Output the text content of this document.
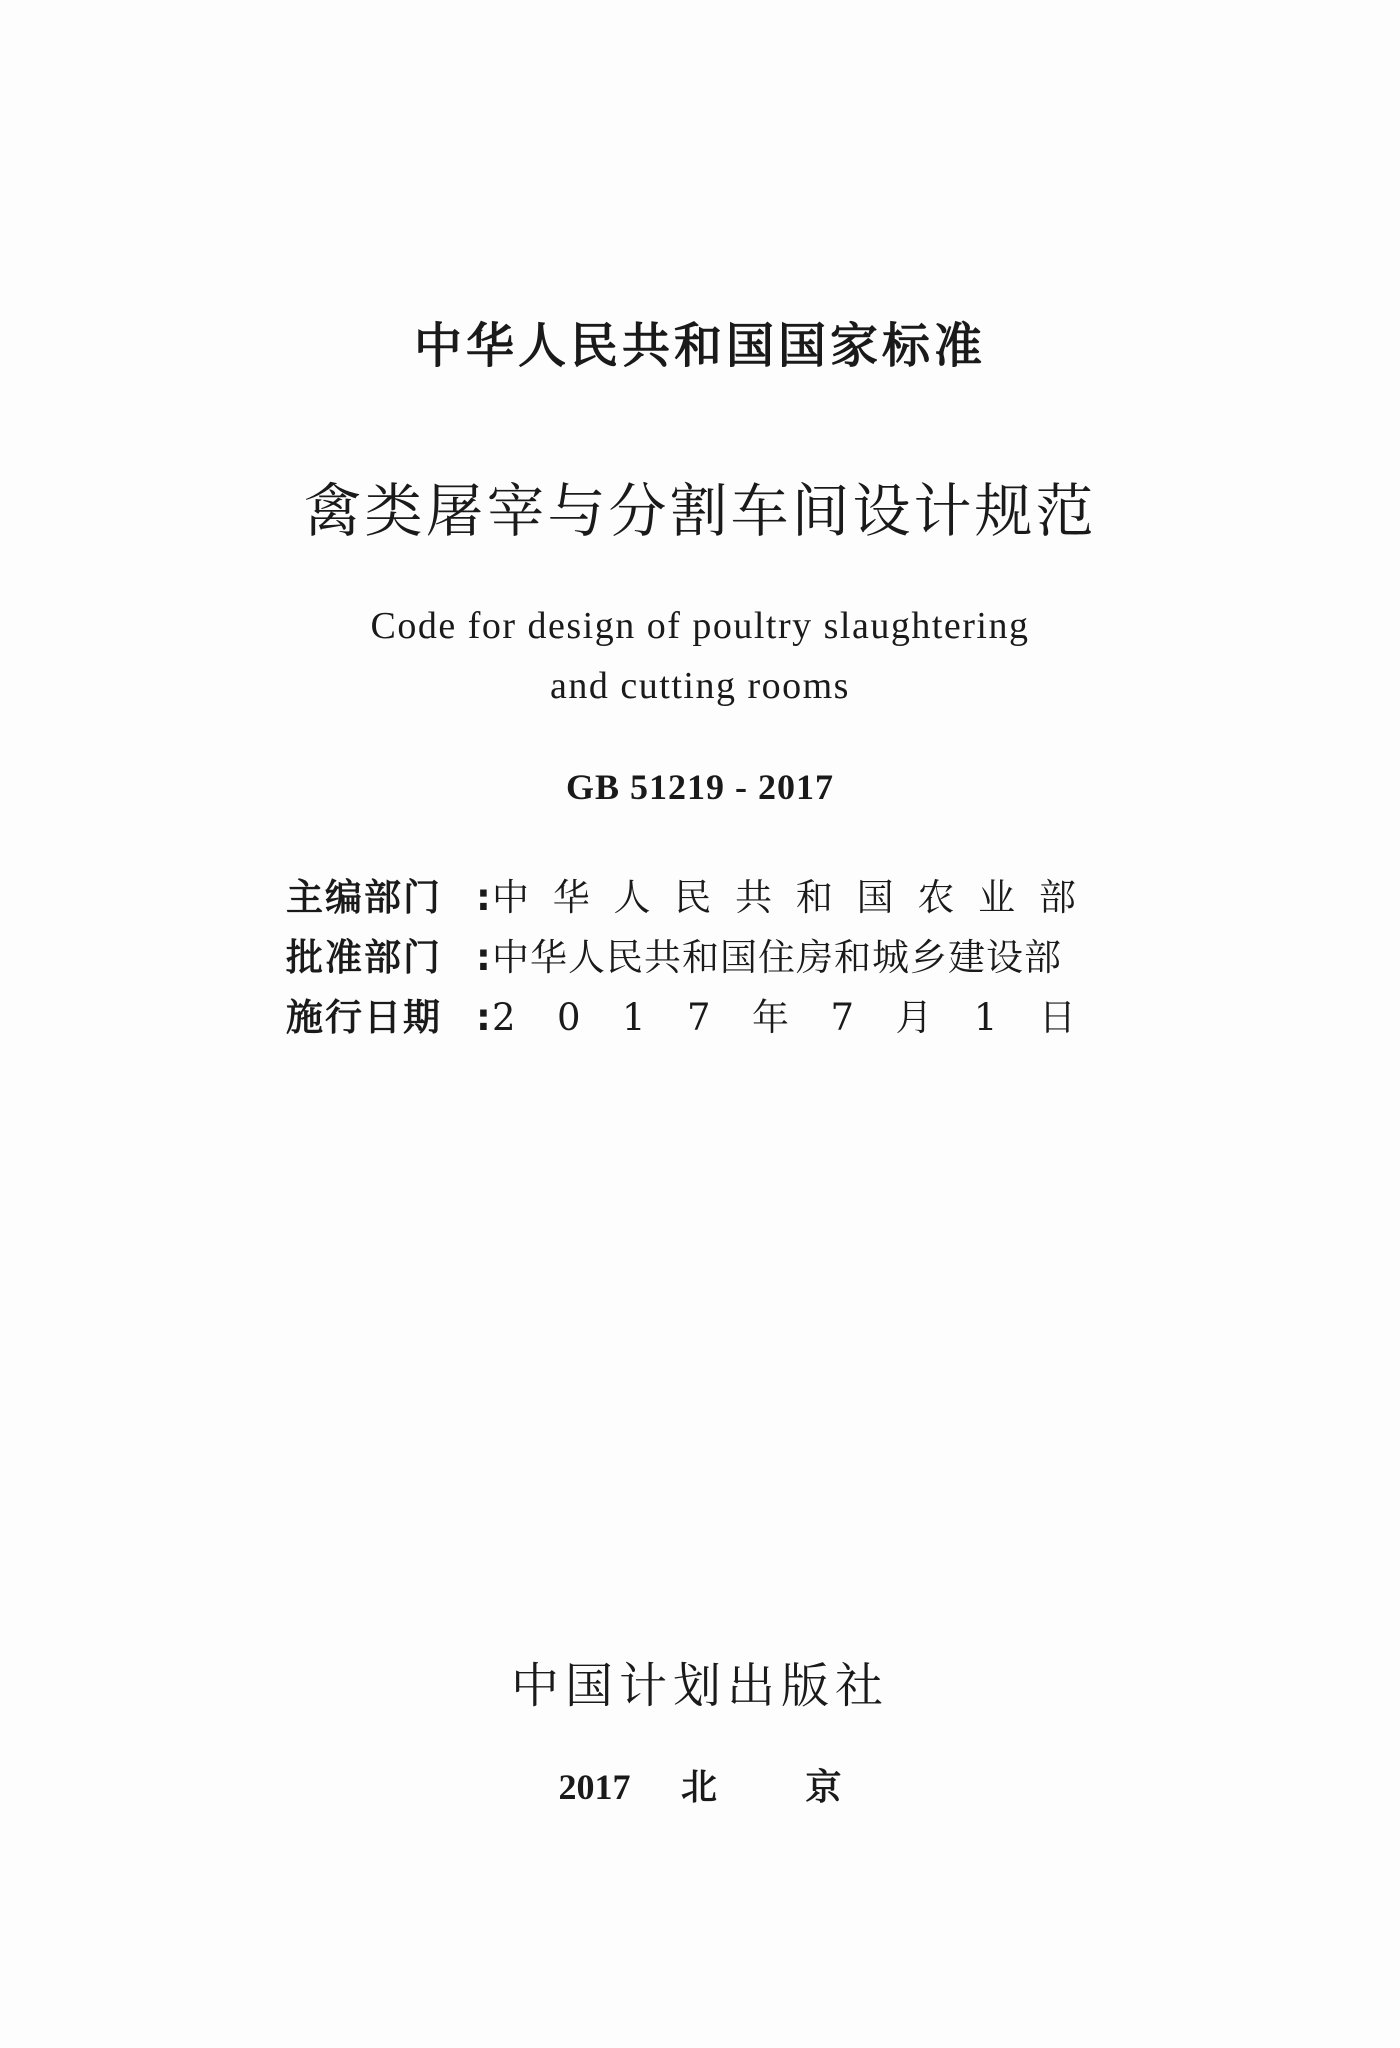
中华人民共和国国家标准
禽类屠宰与分割车间设计规范
Code for design of poultry slaughtering
and cutting rooms
GB 51219 - 2017
主编部门 : 中 华 人 民 共 和 国 农 业 部
批准部门 : 中华人民共和国住房和城乡建设部
施行日期 : 2 0 1 7 年 7 月 1 日
中国计划出版社
2017 北 京
